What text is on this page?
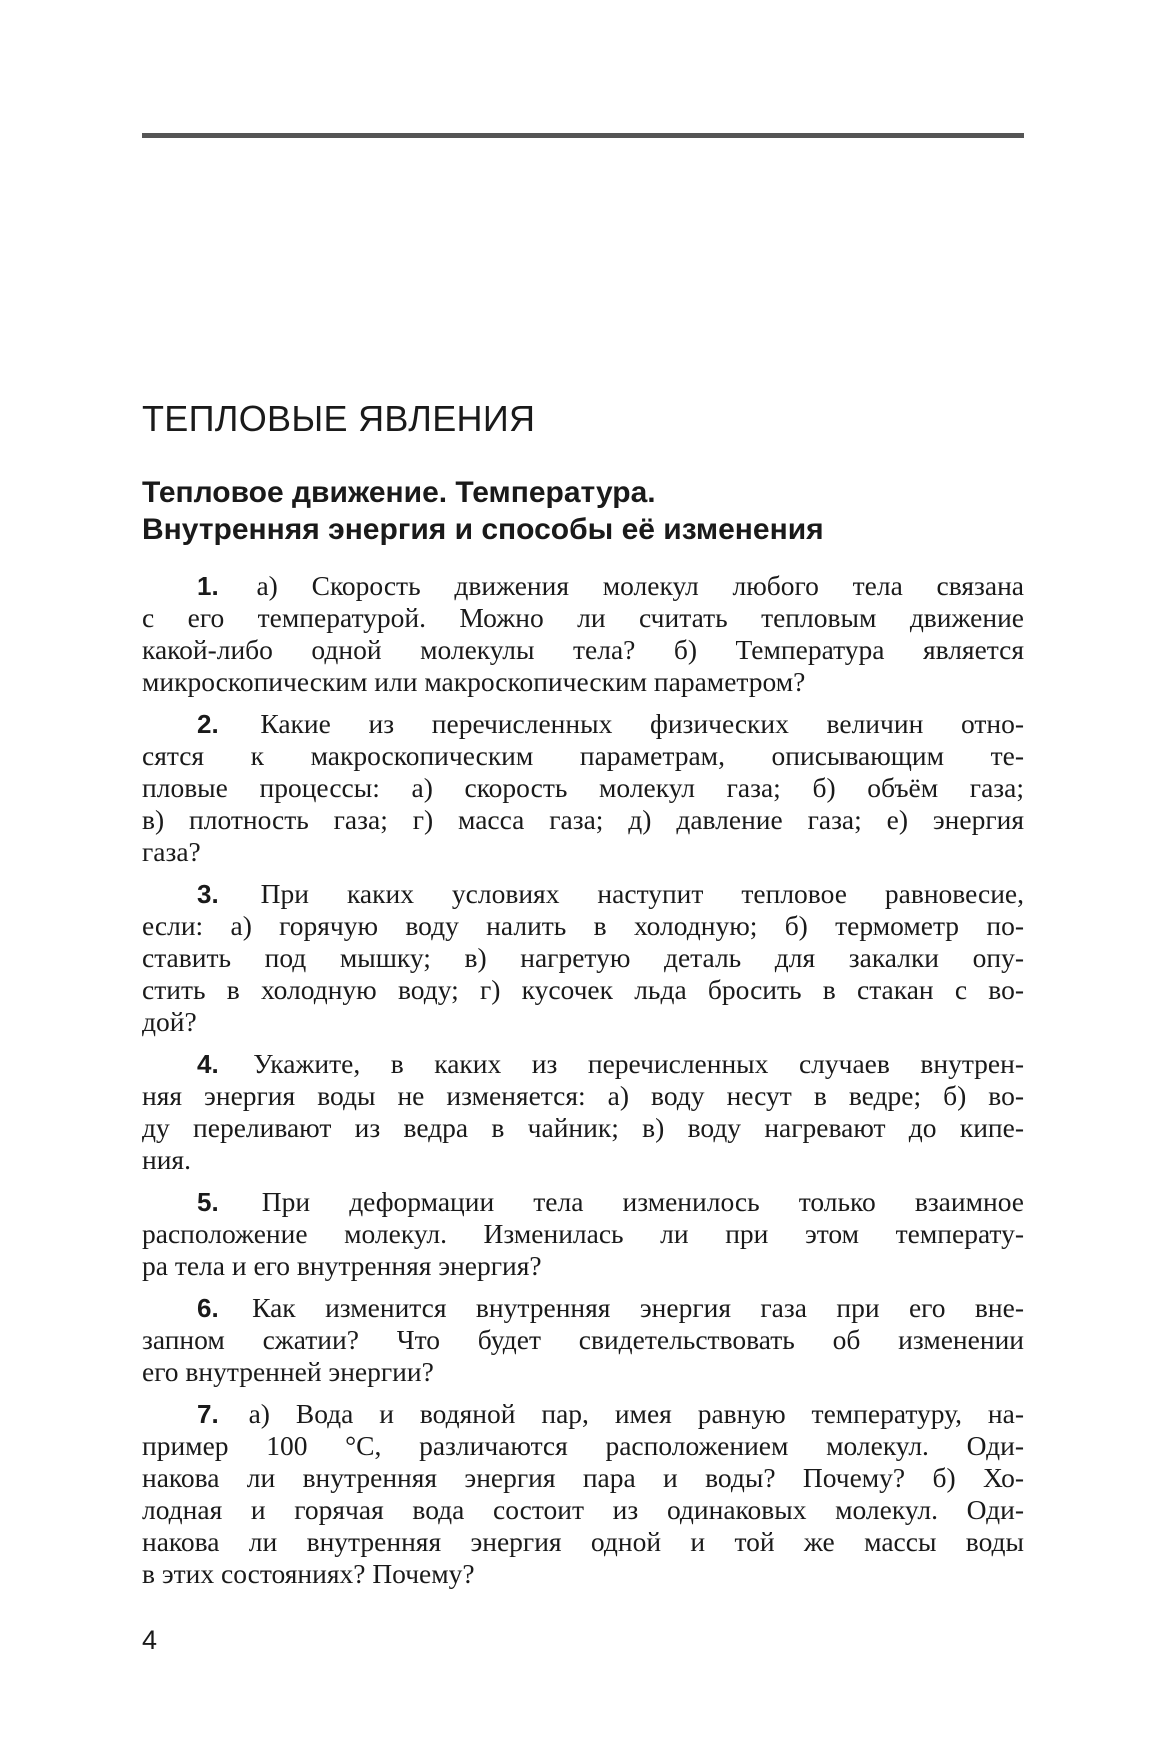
ТЕПЛОВЫЕ ЯВЛЕНИЯ
Тепловое движение. Температура.
Внутренняя энергия и способы её изменения
1. а) Скорость движения молекул любого тела связана
с его температурой. Можно ли считать тепловым движение
какой-либо одной молекулы тела? б) Температура является
микроскопическим или макроскопическим параметром?
2. Какие из перечисленных физических величин отно-
сятся к макроскопическим параметрам, описывающим те-
пловые процессы: а) скорость молекул газа; б) объём газа;
в) плотность газа; г) масса газа; д) давление газа; е) энергия
газа?
3. При каких условиях наступит тепловое равновесие,
если: а) горячую воду налить в холодную; б) термометр по-
ставить под мышку; в) нагретую деталь для закалки опу-
стить в холодную воду; г) кусочек льда бросить в стакан с во-
дой?
4. Укажите, в каких из перечисленных случаев внутрен-
няя энергия воды не изменяется: а) воду несут в ведре; б) во-
ду переливают из ведра в чайник; в) воду нагревают до кипе-
ния.
5. При деформации тела изменилось только взаимное
расположение молекул. Изменилась ли при этом температу-
ра тела и его внутренняя энергия?
6. Как изменится внутренняя энергия газа при его вне-
запном сжатии? Что будет свидетельствовать об изменении
его внутренней энергии?
7. а) Вода и водяной пар, имея равную температуру, на-
пример 100 °С, различаются расположением молекул. Оди-
накова ли внутренняя энергия пара и воды? Почему? б) Хо-
лодная и горячая вода состоит из одинаковых молекул. Оди-
накова ли внутренняя энергия одной и той же массы воды
в этих состояниях? Почему?

4
